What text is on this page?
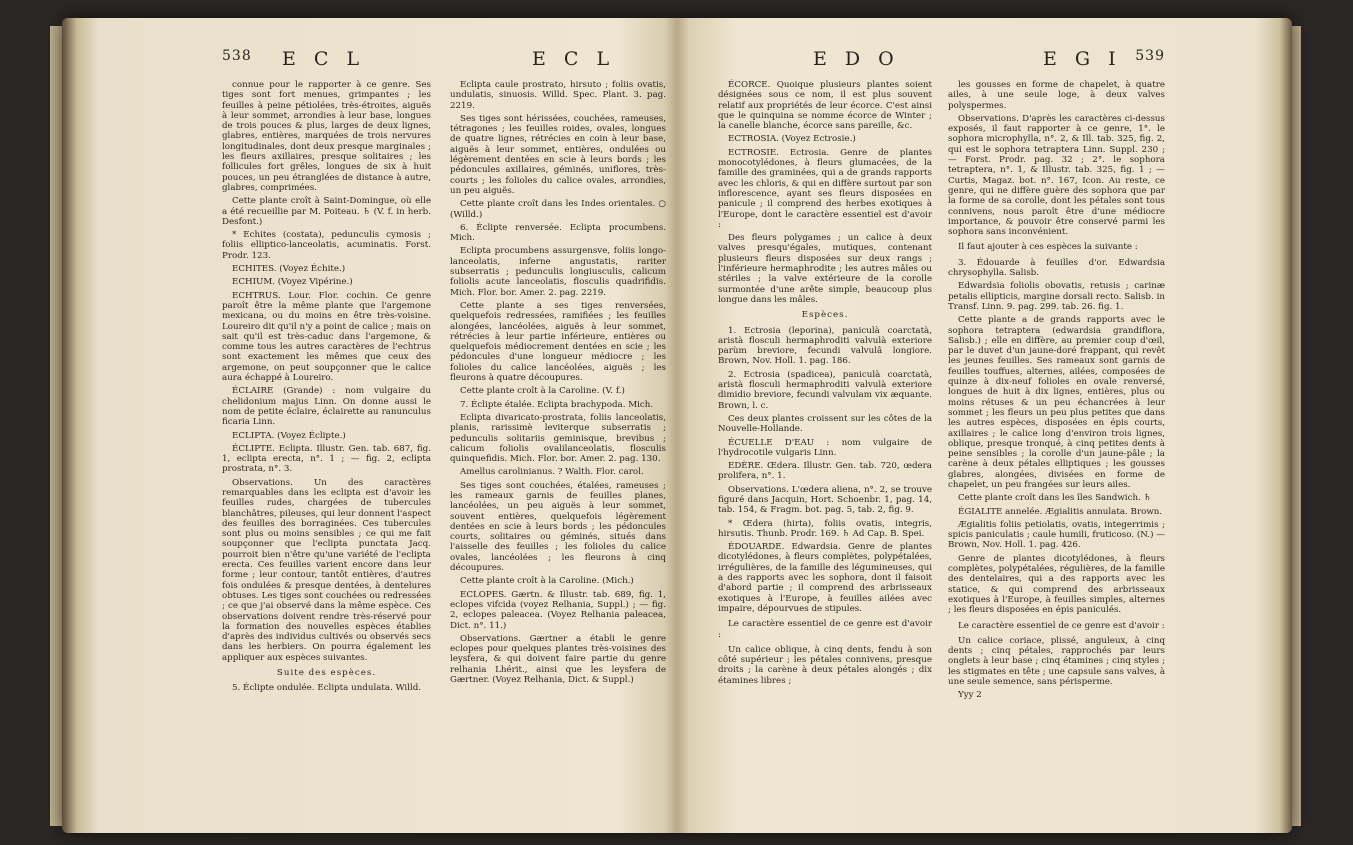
538 E C L	E C L

connue pour le rapporter à ce genre. Ses tiges sont fort menues, grimpantes ; les feuilles à peine pétiolées, très-étroites, aiguës à leur sommet, arrondies à leur base, longues de trois pouces & plus, larges de deux lignes, glabres, entières, marquées de trois nervures longitudinales, dont deux presque marginales ; les fleurs axillaires, presque solitaires ; les follicules fort grêles, longues de six à huit pouces, un peu étranglées de distance à autre, glabres, comprimées.

Cette plante croît à Saint-Domingue, où elle a été recueillie par M. Poiteau. ♄ (V. f. in herb. Desfont.)

* Echites (costata), pedunculis cymosis ; foliis elliptico-lanceolatis, acuminatis. Forst. Prodr. 123.

ECHITES. (Voyez Échite.)

ECHIUM. (Voyez Vipérine.)

ECHTRUS. Lour. Flor. cochin. Ce genre paroît être la même plante que l'argemone mexicana, ou du moins en être très-voisine. Loureiro dit qu'il n'y a point de calice ; mais on sait qu'il est très-caduc dans l'argemone, & comme tous les autres caractères de l'echtrus sont exactement les mêmes que ceux des argemone, on peut soupçonner que le calice aura échappé à Loureiro.

ÉCLAIRE (Grande) : nom vulgaire du chelidonium majus Linn. On donne aussi le nom de petite éclaire, éclairette au ranunculus ficaria Linn.

ECLIPTA. (Voyez Éclipte.)

ÉCLIPTE. Eclipta. Illustr. Gen. tab. 687, fig. 1, eclipta erecta, n°. 1 ; — fig. 2, eclipta prostrata, n°. 3.

Observations. Un des caractères remarquables dans les eclipta est d'avoir les feuilles rudes, chargées de tubercules blanchâtres, pileuses, qui leur donnent l'aspect des feuilles des borraginées. Ces tubercules sont plus ou moins sensibles ; ce qui me fait soupçonner que l'eclipta punctata Jacq. pourroit bien n'être qu'une variété de l'eclipta erecta. Ces feuilles varient encore dans leur forme ; leur contour, tantôt entières, d'autres fois ondulées & presque dentées, à dentelures obtuses. Les tiges sont couchées ou redressées ; ce que j'ai observé dans la même espèce. Ces observations doivent rendre très-réservé pour la formation des nouvelles espèces établies d'après des individus cultivés ou observés secs dans les herbiers. On pourra également les appliquer aux espèces suivantes.

Suite des espèces.

5. Éclipte ondulée. Eclipta undulata. Willd.

Eclipta caule prostrato, hirsuto ; foliis ovatis, undulatis, sinuosis. Willd. Spec. Plant. 3. pag. 2219.

Ses tiges sont hérissées, couchées, rameuses, tétragones ; les feuilles roides, ovales, longues de quatre lignes, rétrécies en coin à leur base, aiguës à leur sommet, entières, ondulées ou légèrement dentées en scie à leurs bords ; les pédoncules axillaires, géminés, uniflores, très-courts ; les folioles du calice ovales, arrondies, un peu aiguës.

Cette plante croît dans les Indes orientales. ○ (Willd.)

6. Éclipte renversée. Eclipta procumbens. Mich.

Eclipta procumbens assurgensve, foliis longo-lanceolatis, inferne angustatis, rariter subserratis ; pedunculis longiusculis, calicum foliolis acute lanceolatis, flosculis quadrifidis. Mich. Flor. bor. Amer. 2. pag. 2219.

Cette plante a ses tiges renversées, quelquefois redressées, ramifiées ; les feuilles alongées, lancéolées, aiguës à leur sommet, rétrécies à leur partie inférieure, entières ou quelquefois médiocrement dentées en scie ; les pédoncules d'une longueur médiocre ; les folioles du calice lancéolées, aiguës ; les fleurons à quatre découpures.

Cette plante croît à la Caroline. (V. f.)

7. Éclipte étalée. Eclipta brachypoda. Mich.

Eclipta divaricato-prostrata, foliis lanceolatis, planis, rarissimè leviterque subserratis ; pedunculis solitariis geminisque, brevibus ; calicum foliolis ovalilanceolatis, flosculis quinquefidis. Mich. Flor. bor. Amer. 2. pag. 130.

Amellus carolinianus. ? Walth. Flor. carol.

Ses tiges sont couchées, étalées, rameuses ; les rameaux garnis de feuilles planes, lancéolées, un peu aiguës à leur sommet, souvent entières, quelquefois légèrement dentées en scie à leurs bords ; les pédoncules courts, solitaires ou géminés, situés dans l'aisselle des feuilles ; les folioles du calice ovales, lancéolées ; les fleurons à cinq découpures.

Cette plante croît à la Caroline. (Mich.)

ECLOPES. Gærtn. & Illustr. tab. 689, fig. 1, eclopes vifcida (voyez Relhania, Suppl.) ; — fig. 2, eclopes paleacea. (Voyez Relhania paleacea, Dict. n°. 11.)

Observations. Gærtner a établi le genre eclopes pour quelques plantes très-voisines des leysfera, & qui doivent faire partie du genre relhania Lhérit., ainsi que les leysfera de Gærtner. (Voyez Relhania, Dict. & Suppl.)

E D O	E G I 539

ÉCORCE. Quoique plusieurs plantes soient désignées sous ce nom, il est plus souvent relatif aux propriétés de leur écorce. C'est ainsi que le quinquina se nomme écorce de Winter ; la canelle blanche, écorce sans pareille, &c.

ECTROSIA. (Voyez Ectrosie.)

ECTROSIE. Ectrosia. Genre de plantes monocotylédones, à fleurs glumacées, de la famille des graminées, qui a de grands rapports avec les chloris, & qui en diffère surtout par son inflorescence, ayant ses fleurs disposées en panicule ; il comprend des herbes exotiques à l'Europe, dont le caractère essentiel est d'avoir :

Des fleurs polygames ; un calice à deux valves presqu'égales, mutiques, contenant plusieurs fleurs disposées sur deux rangs ; l'inférieure hermaphrodite ; les autres mâles ou stériles ; la valve extérieure de la corolle surmontée d'une arête simple, beaucoup plus longue dans les mâles.

Espèces.

1. Ectrosia (leporina), paniculà coarctatà, aristà flosculi hermaphroditi valvulà exteriore parùm breviore, fecundi valvulâ longiore. Brown, Nov. Holl. 1. pag. 186.

2. Ectrosia (spadicea), paniculà coarctatà, aristà flosculi hermaphroditi valvulà exteriore dimidio breviore, fecundi valvulam vix æquante. Brown, l. c.

Ces deux plantes croissent sur les côtes de la Nouvelle-Hollande.

ÉCUELLE D'EAU : nom vulgaire de l'hydrocotile vulgaris Linn.

EDÈRE. Œdera. Illustr. Gen. tab. 720, œdera prolifera, n°. 1.

Observations. L'œdera aliena, n°. 2, se trouve figuré dans Jacquin, Hort. Schoenbr. 1, pag. 14, tab. 154, & Fragm. bot. pag. 5, tab. 2, fig. 9.

* Œdera (hirta), foliis ovatis, integris, hirsutis. Thunb. Prodr. 169. ♄ Ad Cap. B. Spei.

ÉDOUARDE. Edwardsia. Genre de plantes dicotylédones, à fleurs complètes, polypétalées, irrégulières, de la famille des légumineuses, qui a des rapports avec les sophora, dont il faisoit d'abord partie ; il comprend des arbrisseaux exotiques à l'Europe, à feuilles ailées avec impaire, dépourvues de stipules.

Le caractère essentiel de ce genre est d'avoir :

Un calice oblique, à cinq dents, fendu à son côté supérieur ; les pétales connivens, presque droits ; la carène à deux pétales alongés ; dix étamines libres ;

les gousses en forme de chapelet, à quatre ailes, à une seule loge, à deux valves polyspermes.

Observations. D'après les caractères ci-dessus exposés, il faut rapporter à ce genre, 1°. le sophora microphylla, n°. 2, & Ill. tab. 325, fig. 2, qui est le sophora tetraptera Linn. Suppl. 230 ; — Forst. Prodr. pag. 32 ; 2°. le sophora tetraptera, n°. 1, & Illustr. tab. 325, fig. 1 ; — Curtis, Magaz. bot. n°. 167, Icon. Au reste, ce genre, qui ne diffère guère des sophora que par la forme de sa corolle, dont les pétales sont tous connivens, nous paroît être d'une médiocre importance, & pouvoir être conservé parmi les sophora sans inconvénient.

Il faut ajouter à ces espèces la suivante :

3. Édouarde à feuilles d'or. Edwardsia chrysophylla. Salisb.

Edwardsia foliolis obovatis, retusis ; carinæ petalis ellipticis, margine dorsali recto. Salisb. in Transf. Linn. 9. pag. 299. tab. 26. fig. 1.

Cette plante a de grands rapports avec le sophora tetraptera (edwardsia grandiflora, Salisb.) ; elle en diffère, au premier coup d'œil, par le duvet d'un jaune-doré frappant, qui revêt les jeunes feuilles. Ses rameaux sont garnis de feuilles touffues, alternes, ailées, composées de quinze à dix-neuf folioles en ovale renversé, longues de huit à dix lignes, entières, plus ou moins rétuses & un peu échancrées à leur sommet ; les fleurs un peu plus petites que dans les autres espèces, disposées en épis courts, axillaires ; le calice long d'environ trois lignes, oblique, presque tronqué, à cinq petites dents à peine sensibles ; la corolle d'un jaune-pâle ; la carène à deux pétales elliptiques ; les gousses glabres, alongées, divisées en forme de chapelet, un peu frangées sur leurs ailes.

Cette plante croît dans les îles Sandwich. ♄

ÉGIALITE annelée. Ægialitis annulata. Brown.

Ægialitis foliis petiolatis, ovatis, integerrimis ; spicis paniculatis ; caule humili, fruticoso. (N.) — Brown, Nov. Holl. 1. pag. 426.

Genre de plantes dicotylédones, à fleurs complètes, polypétalées, régulières, de la famille des dentelaires, qui a des rapports avec les statice, & qui comprend des arbrisseaux exotiques à l'Europe, à feuilles simples, alternes ; les fleurs disposées en épis paniculés.

Le caractère essentiel de ce genre est d'avoir :

Un calice coriace, plissé, anguleux, à cinq dents ; cinq pétales, rapprochés par leurs onglets à leur base ; cinq étamines ; cinq styles ; les stigmates en tête ; une capsule sans valves, à une seule semence, sans périsperme.

Yyy 2
